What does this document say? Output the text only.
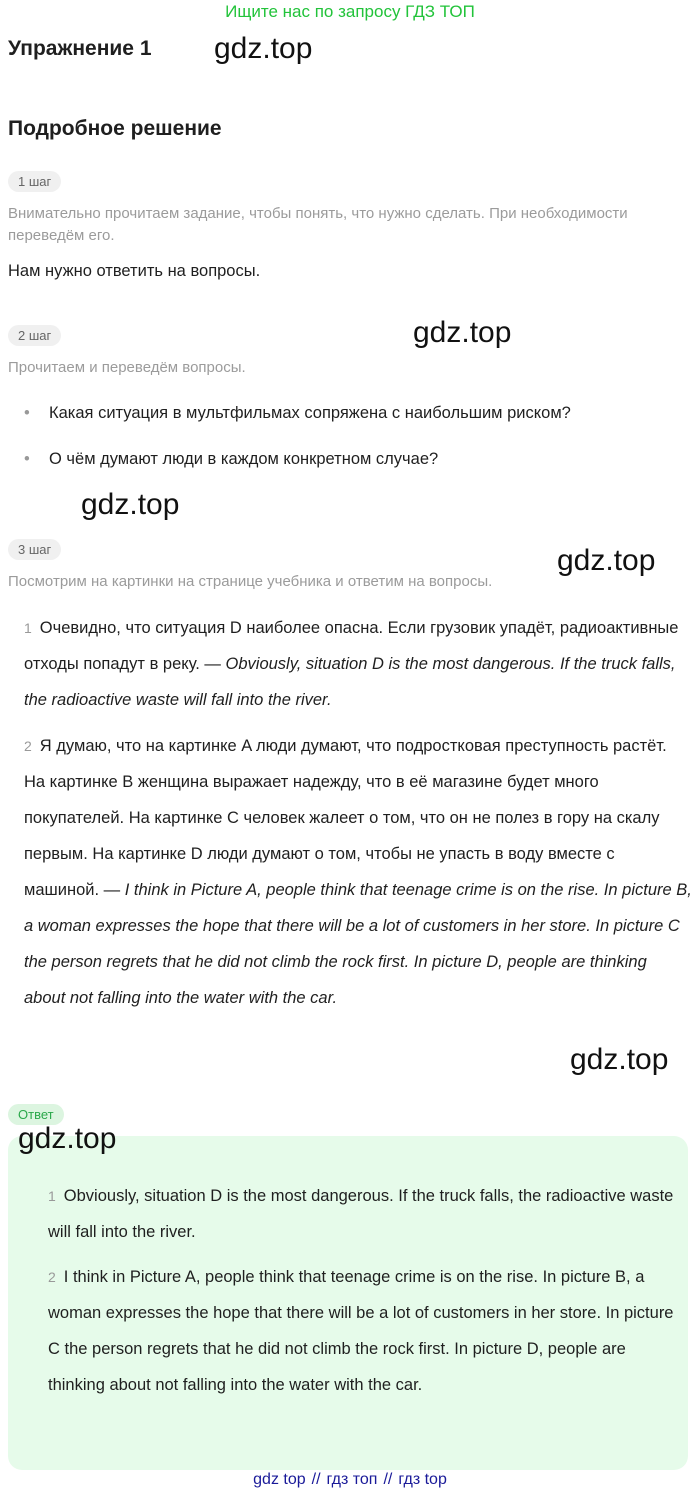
Ищите нас по запросу ГДЗ ТОП
Упражнение 1 gdz.top
Подробное решение
1 шаг
Внимательно прочитаем задание, чтобы понять, что нужно сделать. При необходимости переведём его.
Нам нужно ответить на вопросы.
2 шаг	gdz.top
Прочитаем и переведём вопросы.
• Какая ситуация в мультфильмах сопряжена с наибольшим риском?
• О чём думают люди в каждом конкретном случае?
gdz.top
3 шаг	gdz.top
Посмотрим на картинки на странице учебника и ответим на вопросы.
1 Очевидно, что ситуация D наиболее опасна. Если грузовик упадёт, радиоактивные отходы попадут в реку. — Obviously, situation D is the most dangerous. If the truck falls, the radioactive waste will fall into the river.
2 Я думаю, что на картинке A люди думают, что подростковая преступность растёт. На картинке B женщина выражает надежду, что в её магазине будет много покупателей. На картинке C человек жалеет о том, что он не полез в гору на скалу первым. На картинке D люди думают о том, чтобы не упасть в воду вместе с машиной. — I think in Picture A, people think that teenage crime is on the rise. In picture B, a woman expresses the hope that there will be a lot of customers in her store. In picture C the person regrets that he did not climb the rock first. In picture D, people are thinking about not falling into the water with the car.
gdz.top
Ответ
gdz.top
1 Obviously, situation D is the most dangerous. If the truck falls, the radioactive waste will fall into the river.
2 I think in Picture A, people think that teenage crime is on the rise. In picture B, a woman expresses the hope that there will be a lot of customers in her store. In picture C the person regrets that he did not climb the rock first. In picture D, people are thinking about not falling into the water with the car.
gdz top // гдз топ // гдз top
